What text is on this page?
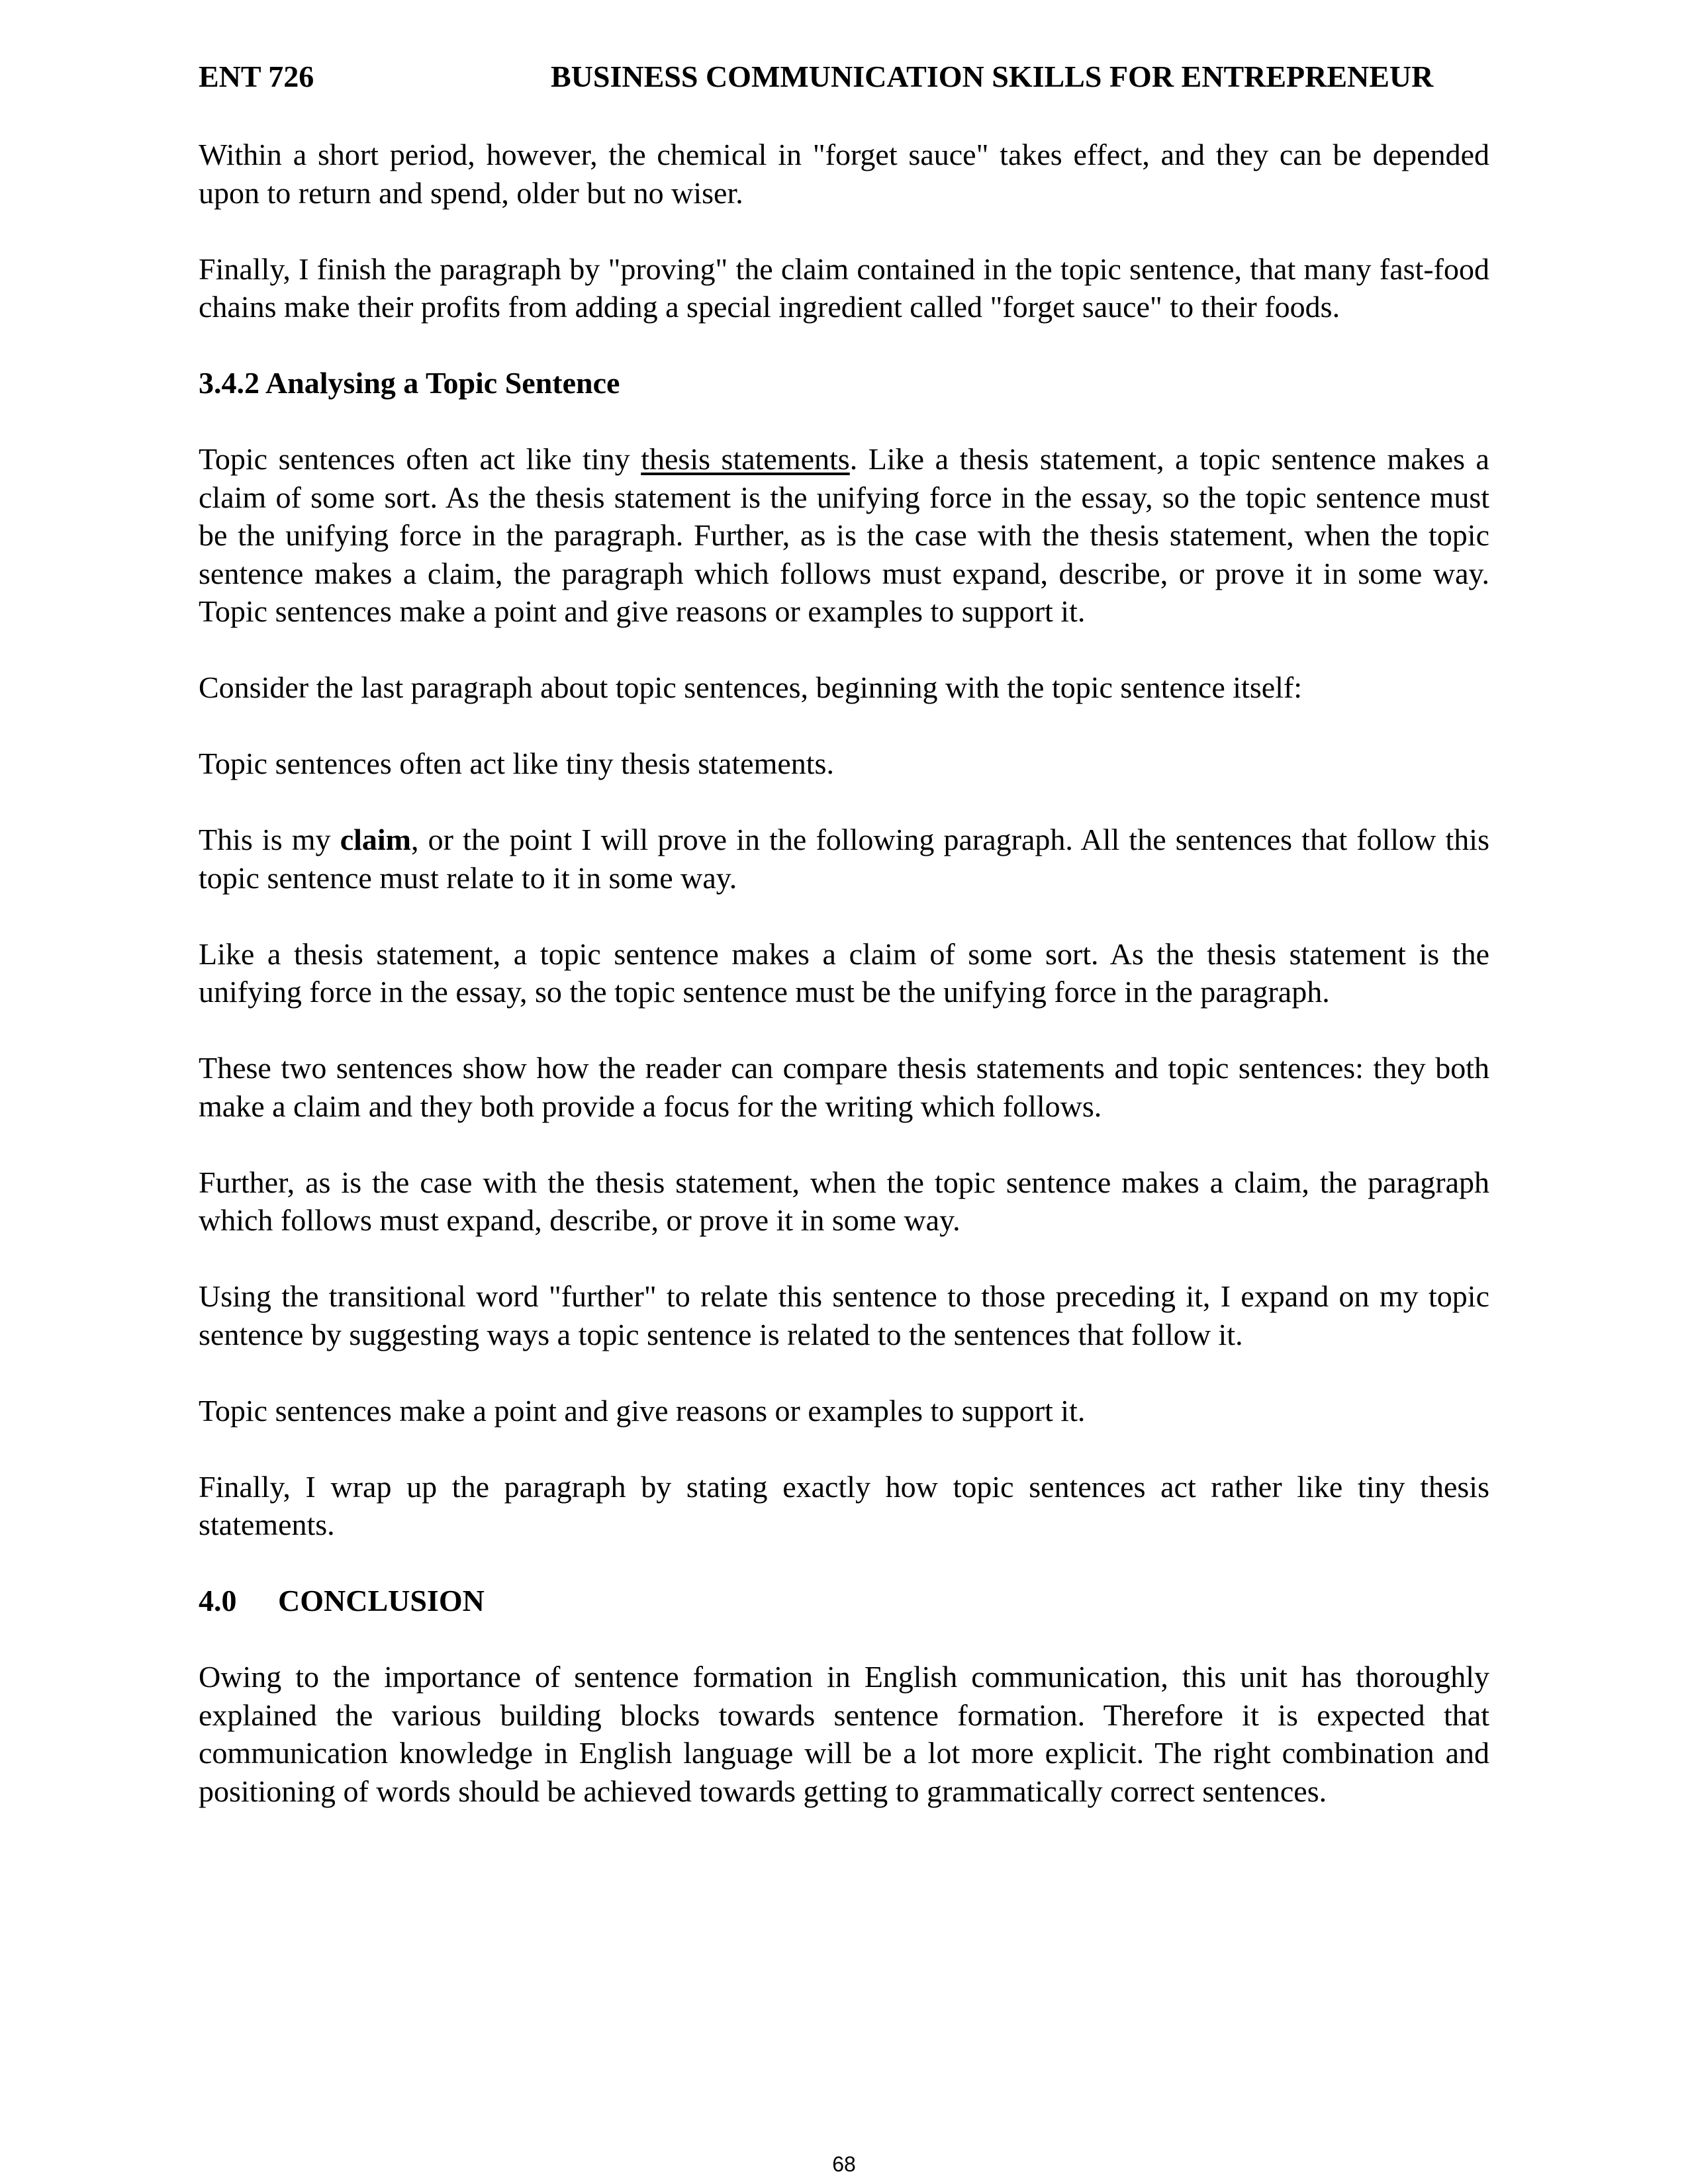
ENT 726	BUSINESS COMMUNICATION SKILLS FOR ENTREPRENEUR

Within a short period, however, the chemical in "forget sauce" takes effect, and they can be depended upon to return and spend, older but no wiser.

Finally, I finish the paragraph by "proving" the claim contained in the topic sentence, that many fast-food chains make their profits from adding a special ingredient called "forget sauce" to their foods.

3.4.2 Analysing a Topic Sentence

Topic sentences often act like tiny thesis statements. Like a thesis statement, a topic sentence makes a claim of some sort. As the thesis statement is the unifying force in the essay, so the topic sentence must be the unifying force in the paragraph. Further, as is the case with the thesis statement, when the topic sentence makes a claim, the paragraph which follows must expand, describe, or prove it in some way. Topic sentences make a point and give reasons or examples to support it.

Consider the last paragraph about topic sentences, beginning with the topic sentence itself:

Topic sentences often act like tiny thesis statements.

This is my claim, or the point I will prove in the following paragraph. All the sentences that follow this topic sentence must relate to it in some way.

Like a thesis statement, a topic sentence makes a claim of some sort. As the thesis statement is the unifying force in the essay, so the topic sentence must be the unifying force in the paragraph.

These two sentences show how the reader can compare thesis statements and topic sentences: they both make a claim and they both provide a focus for the writing which follows.

Further, as is the case with the thesis statement, when the topic sentence makes a claim, the paragraph which follows must expand, describe, or prove it in some way.

Using the transitional word "further" to relate this sentence to those preceding it, I expand on my topic sentence by suggesting ways a topic sentence is related to the sentences that follow it.

Topic sentences make a point and give reasons or examples to support it.

Finally, I wrap up the paragraph by stating exactly how topic sentences act rather like tiny thesis statements.

4.0 CONCLUSION

Owing to the importance of sentence formation in English communication, this unit has thoroughly explained the various building blocks towards sentence formation. Therefore it is expected that communication knowledge in English language will be a lot more explicit. The right combination and positioning of words should be achieved towards getting to grammatically correct sentences.

68
